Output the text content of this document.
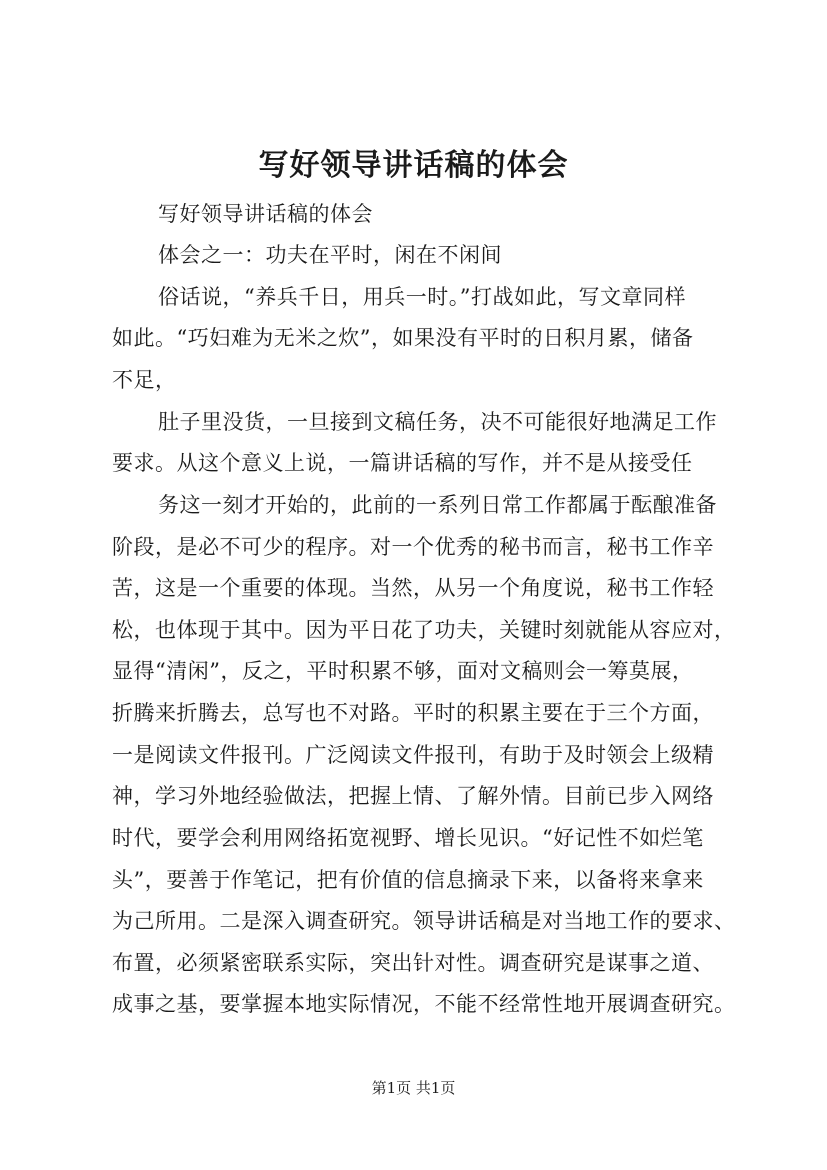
写好领导讲话稿的体会
写好领导讲话稿的体会
体会之一：功夫在平时，闲在不闲间
俗话说，“养兵千日，用兵一时。”打战如此，写文章同样
如此。“巧妇难为无米之炊”，如果没有平时的日积月累，储备
不足，
肚子里没货，一旦接到文稿任务，决不可能很好地满足工作
要求。从这个意义上说，一篇讲话稿的写作，并不是从接受任
务这一刻才开始的，此前的一系列日常工作都属于酝酿准备
阶段，是必不可少的程序。对一个优秀的秘书而言，秘书工作辛
苦，这是一个重要的体现。当然，从另一个角度说，秘书工作轻
松，也体现于其中。因为平日花了功夫，关键时刻就能从容应对，
显得“清闲”，反之，平时积累不够，面对文稿则会一筹莫展，
折腾来折腾去，总写也不对路。平时的积累主要在于三个方面，
一是阅读文件报刊。广泛阅读文件报刊，有助于及时领会上级精
神，学习外地经验做法，把握上情、了解外情。目前已步入网络
时代，要学会利用网络拓宽视野、增长见识。“好记性不如烂笔
头”，要善于作笔记，把有价值的信息摘录下来，以备将来拿来
为己所用。二是深入调查研究。领导讲话稿是对当地工作的要求、
布置，必须紧密联系实际，突出针对性。调查研究是谋事之道、
成事之基，要掌握本地实际情况，不能不经常性地开展调查研究。
第1页 共1页
